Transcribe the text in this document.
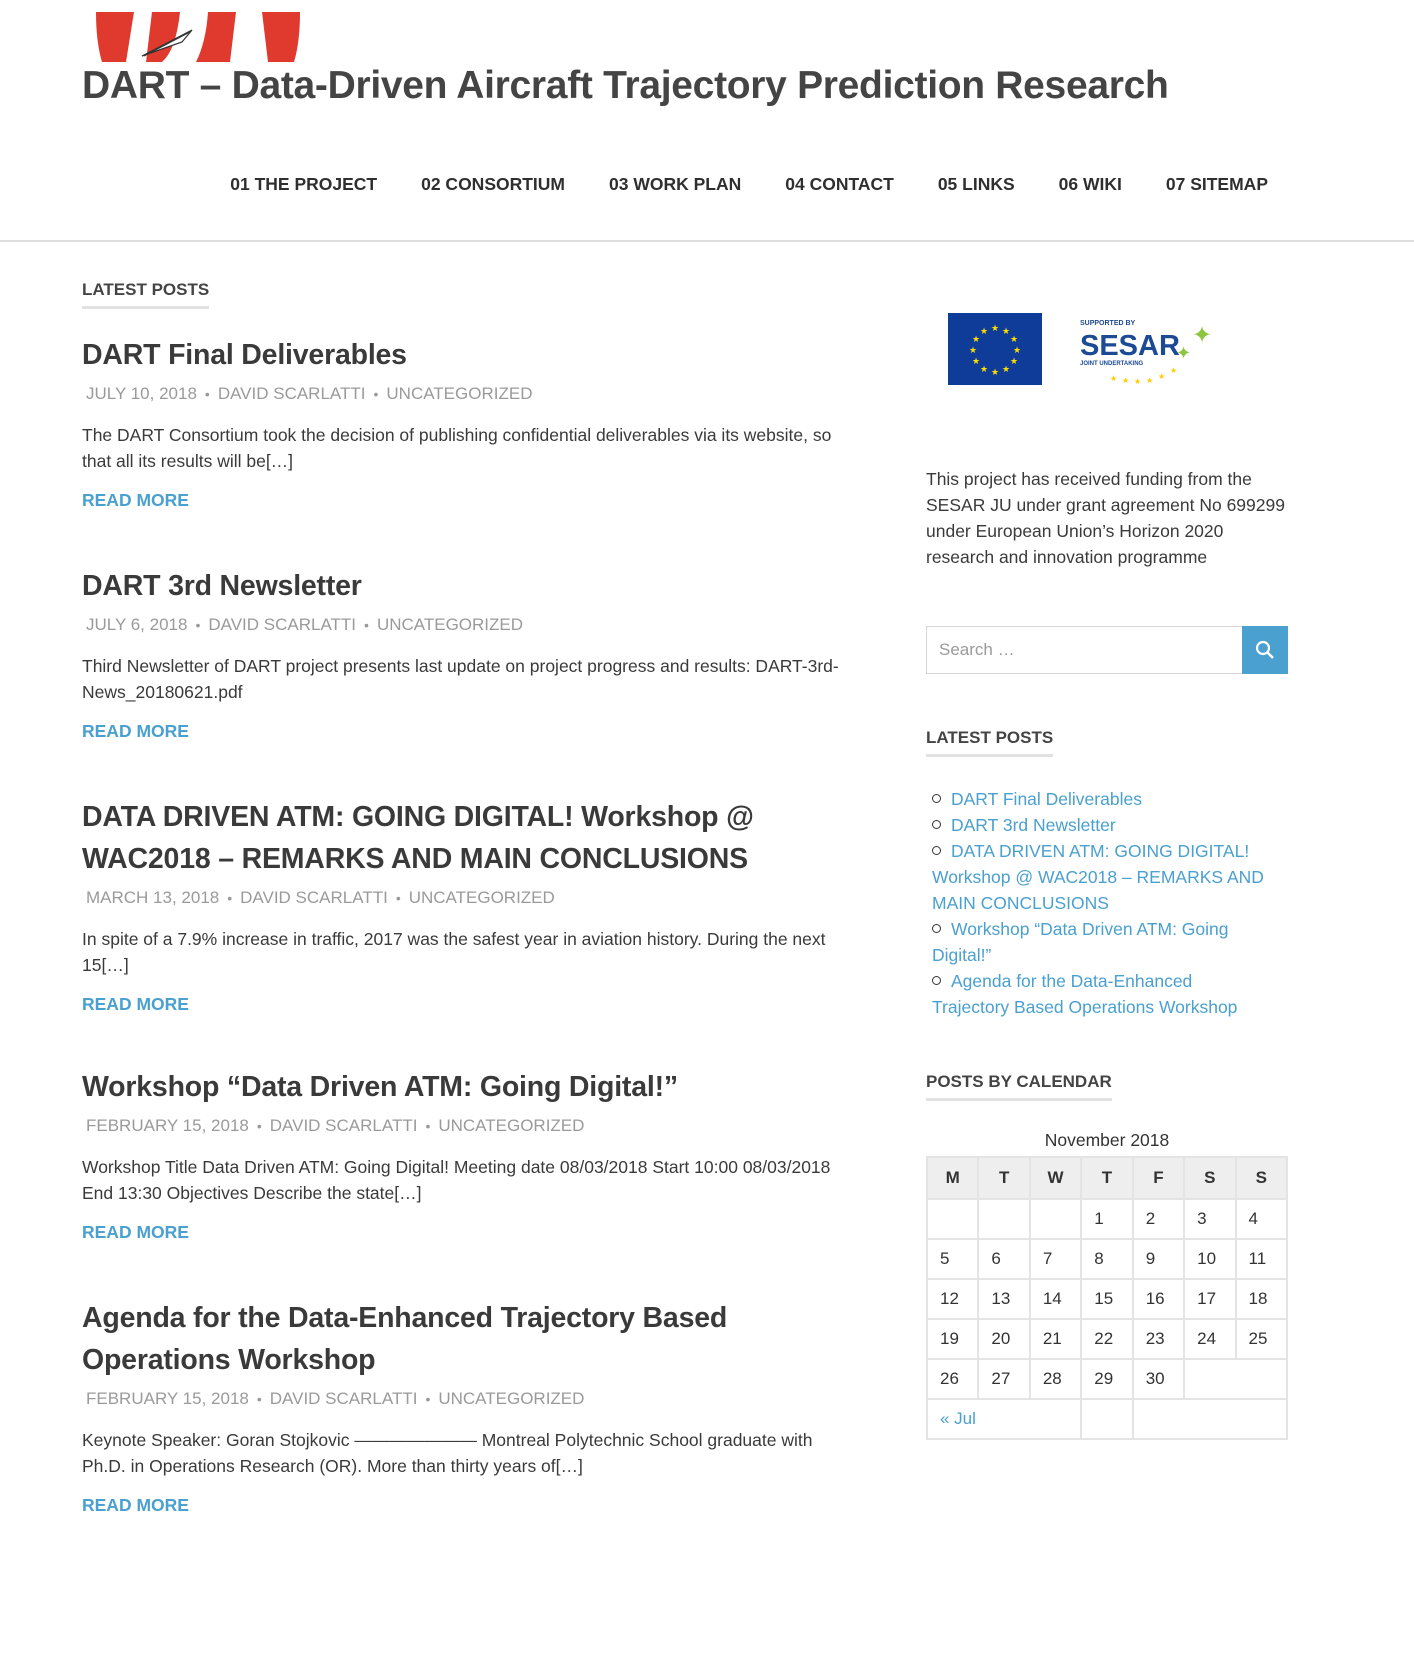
DART – Data-Driven Aircraft Trajectory Prediction Research
01 THE PROJECT	02 CONSORTIUM	03 WORK PLAN	04 CONTACT	05 LINKS	06 WIKI	07 SITEMAP
LATEST POSTS
DART Final Deliverables
JULY 10, 2018 • DAVID SCARLATTI • UNCATEGORIZED
The DART Consortium took the decision of publishing confidential deliverables via its website, so that all its results will be[…]
READ MORE
DART 3rd Newsletter
JULY 6, 2018 • DAVID SCARLATTI • UNCATEGORIZED
Third Newsletter of DART project presents last update on project progress and results: DART-3rd-News_20180621.pdf
READ MORE
DATA DRIVEN ATM: GOING DIGITAL! Workshop @ WAC2018 – REMARKS AND MAIN CONCLUSIONS
MARCH 13, 2018 • DAVID SCARLATTI • UNCATEGORIZED
In spite of a 7.9% increase in traffic, 2017 was the safest year in aviation history. During the next 15[…]
READ MORE
Workshop “Data Driven ATM: Going Digital!”
FEBRUARY 15, 2018 • DAVID SCARLATTI • UNCATEGORIZED
Workshop Title Data Driven ATM: Going Digital! Meeting date 08/03/2018 Start 10:00 08/03/2018 End 13:30 Objectives Describe the state[…]
READ MORE
Agenda for the Data-Enhanced Trajectory Based Operations Workshop
FEBRUARY 15, 2018 • DAVID SCARLATTI • UNCATEGORIZED
Keynote Speaker: Goran Stojkovic ——————— Montreal Polytechnic School graduate with Ph.D. in Operations Research (OR). More than thirty years of[…]
READ MORE
★ ★
★
★
★
★
★
★
★
★
★
★
SUPPORTED BY
SESAR
JOINT UNDERTAKING
✦
✦
★ ★ ★ ★ ★
★

This project has received funding from the SESAR JU under grant agreement No 699299 under European Union’s Horizon 2020 research and innovation programme

Search …
LATEST POSTS
DART Final Deliverables
DART 3rd Newsletter
DATA DRIVEN ATM: GOING DIGITAL! Workshop @ WAC2018 – REMARKS AND MAIN CONCLUSIONS
Workshop “Data Driven ATM: Going Digital!”
Agenda for the Data-Enhanced Trajectory Based Operations Workshop
POSTS BY CALENDAR
November 2018
M	T	W	T	F	S	S
			1	2	3	4
5	6	7	8	9	10	11
12	13	14	15	16	17	18
19	20	21	22	23	24	25
26	27	28	29	30		
« Jul						
